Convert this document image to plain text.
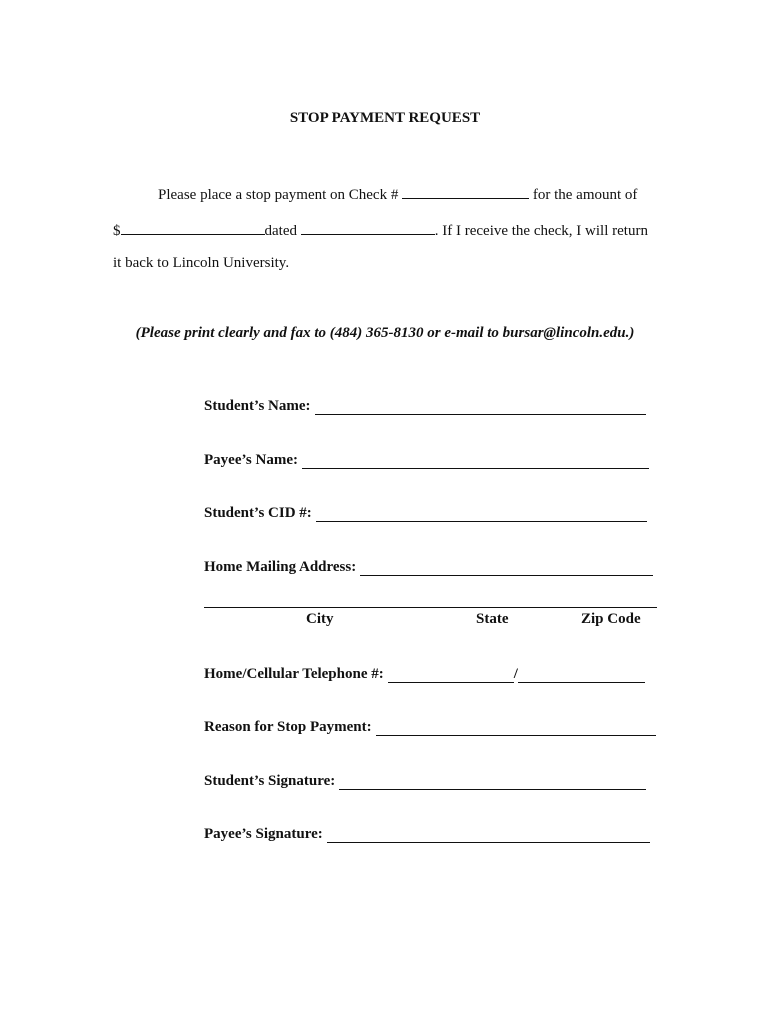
STOP PAYMENT REQUEST
Please place a stop payment on Check #	for the amount of
$	dated	. If I receive the check, I will return
it back to Lincoln University.
(Please print clearly and fax to (484) 365-8130 or e-mail to bursar@lincoln.edu.)
Student’s Name:
Payee’s Name:
Student’s CID #:
Home Mailing Address:
City	State	Zip Code
Home/Cellular Telephone #:	/
Reason for Stop Payment:
Student’s Signature:
Payee’s Signature:
